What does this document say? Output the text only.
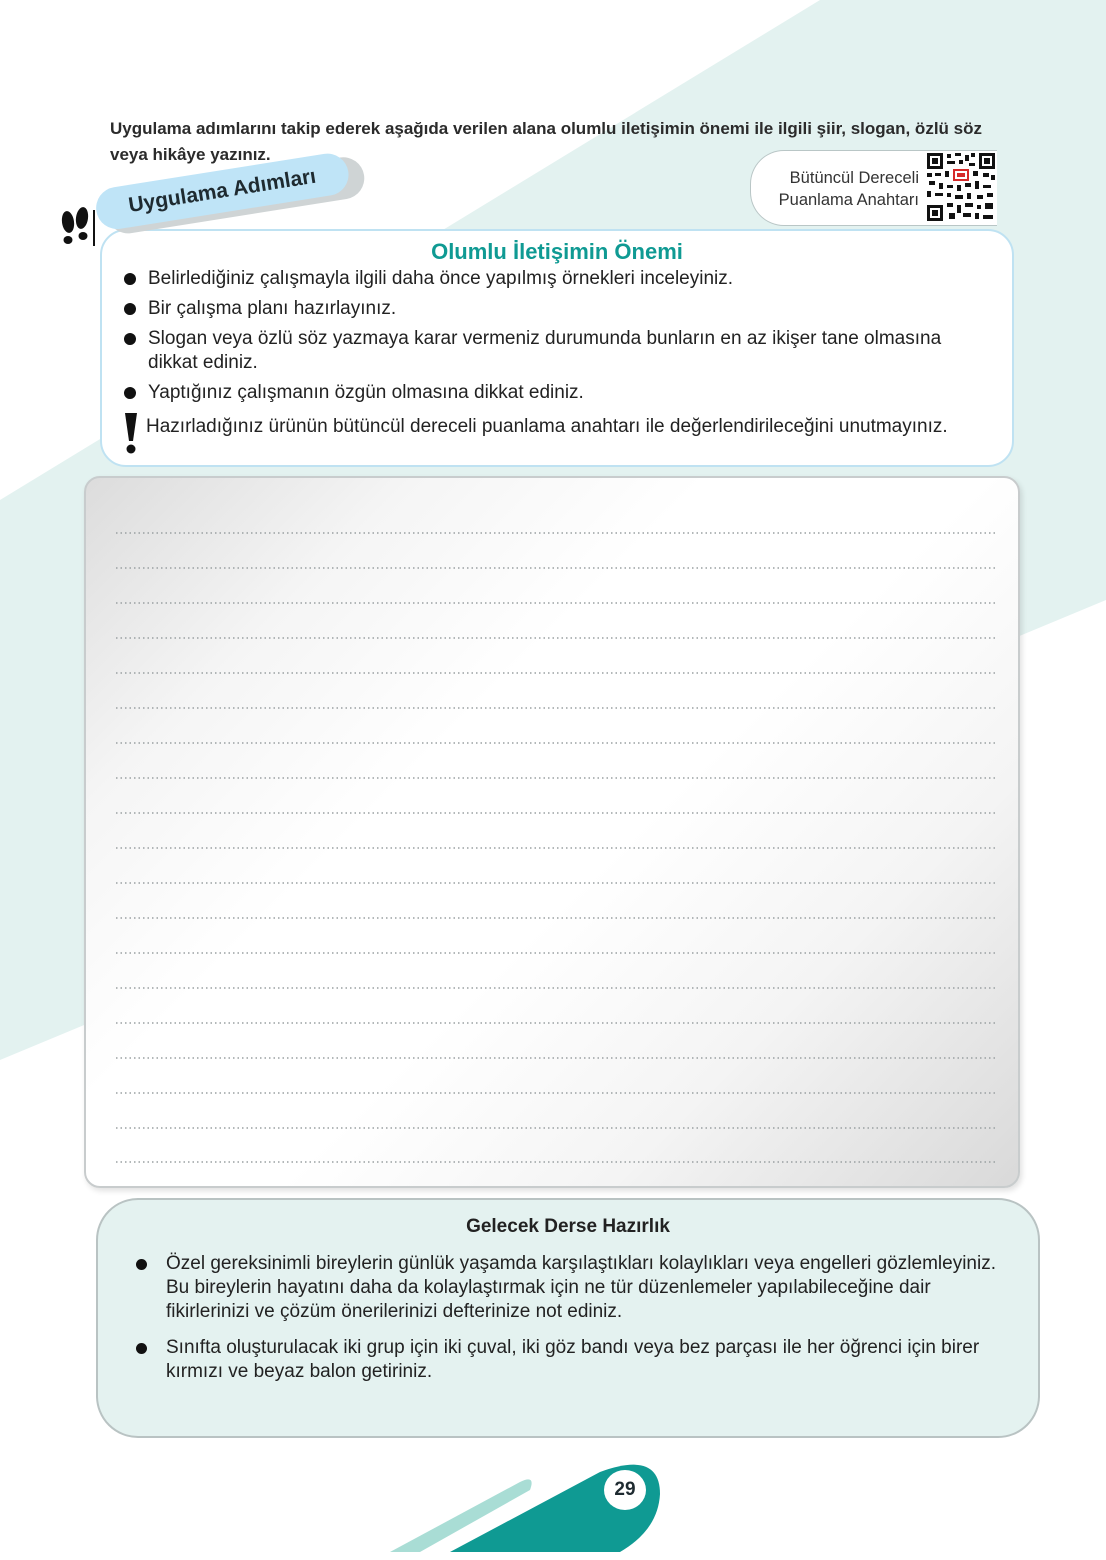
Uygulama adımlarını takip ederek aşağıda verilen alana olumlu iletişimin önemi ile ilgili şiir, slogan, özlü söz veya hikâye yazınız.
Bütüncül Dereceli
Puanlama Anahtarı
Uygulama Adımları
Olumlu İletişimin Önemi
Belirlediğiniz çalışmayla ilgili daha önce yapılmış örnekleri inceleyiniz.
Bir çalışma planı hazırlayınız.
Slogan veya özlü söz yazmaya karar vermeniz durumunda bunların en az ikişer tane olmasına dikkat ediniz.
Yaptığınız çalışmanın özgün olmasına dikkat ediniz.
Hazırladığınız ürünün bütüncül dereceli puanlama anahtarı ile değerlendirileceğini unutmayınız.
Gelecek Derse Hazırlık
Özel gereksinimli bireylerin günlük yaşamda karşılaştıkları kolaylıkları veya engelleri gözlemleyiniz. Bu bireylerin hayatını daha da kolaylaştırmak için ne tür düzenlemeler yapılabileceğine dair fikirlerinizi ve çözüm önerilerinizi defterinize not ediniz.
Sınıfta oluşturulacak iki grup için iki çuval, iki göz bandı veya bez parçası ile her öğrenci için birer kırmızı ve beyaz balon getiriniz.
29
